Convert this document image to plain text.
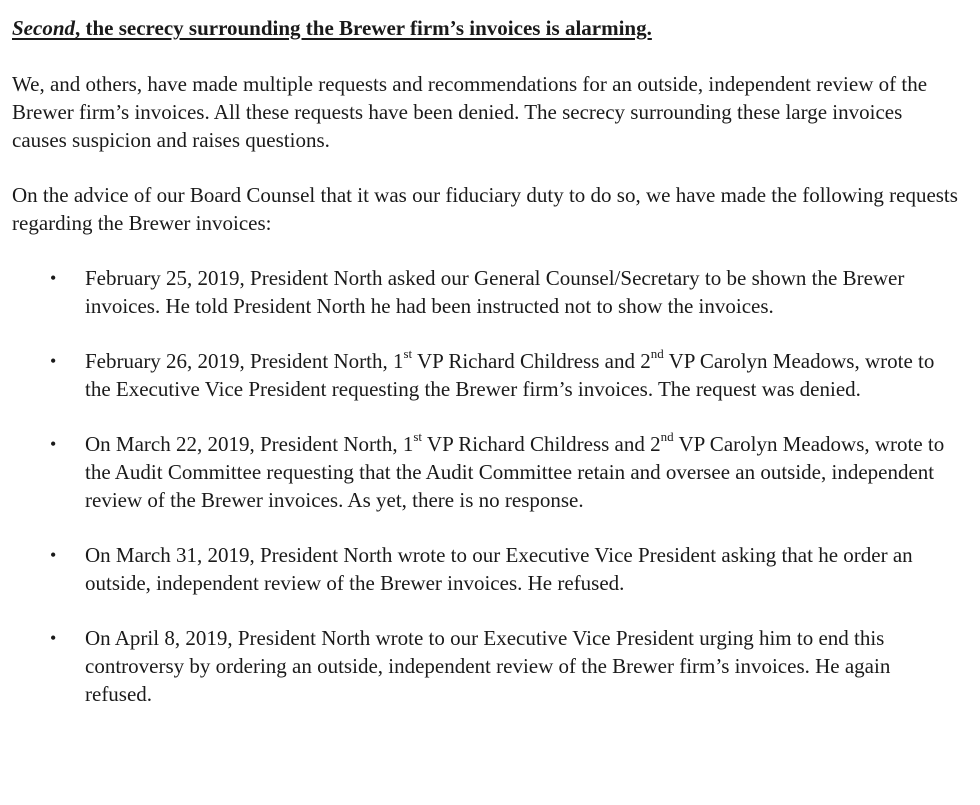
Second, the secrecy surrounding the Brewer firm’s invoices is alarming.

We, and others, have made multiple requests and recommendations for an outside, independent review of the Brewer firm’s invoices. All these requests have been denied. The secrecy surrounding these large invoices causes suspicion and raises questions.

On the advice of our Board Counsel that it was our fiduciary duty to do so, we have made the following requests regarding the Brewer invoices:

• February 25, 2019, President North asked our General Counsel/Secretary to be shown the Brewer invoices. He told President North he had been instructed not to show the invoices.
• February 26, 2019, President North, 1st VP Richard Childress and 2nd VP Carolyn Meadows, wrote to the Executive Vice President requesting the Brewer firm’s invoices. The request was denied.
• On March 22, 2019, President North, 1st VP Richard Childress and 2nd VP Carolyn Meadows, wrote to the Audit Committee requesting that the Audit Committee retain and oversee an outside, independent review of the Brewer invoices. As yet, there is no response.
• On March 31, 2019, President North wrote to our Executive Vice President asking that he order an outside, independent review of the Brewer invoices. He refused.
• On April 8, 2019, President North wrote to our Executive Vice President urging him to end this controversy by ordering an outside, independent review of the Brewer firm’s invoices. He again refused.
